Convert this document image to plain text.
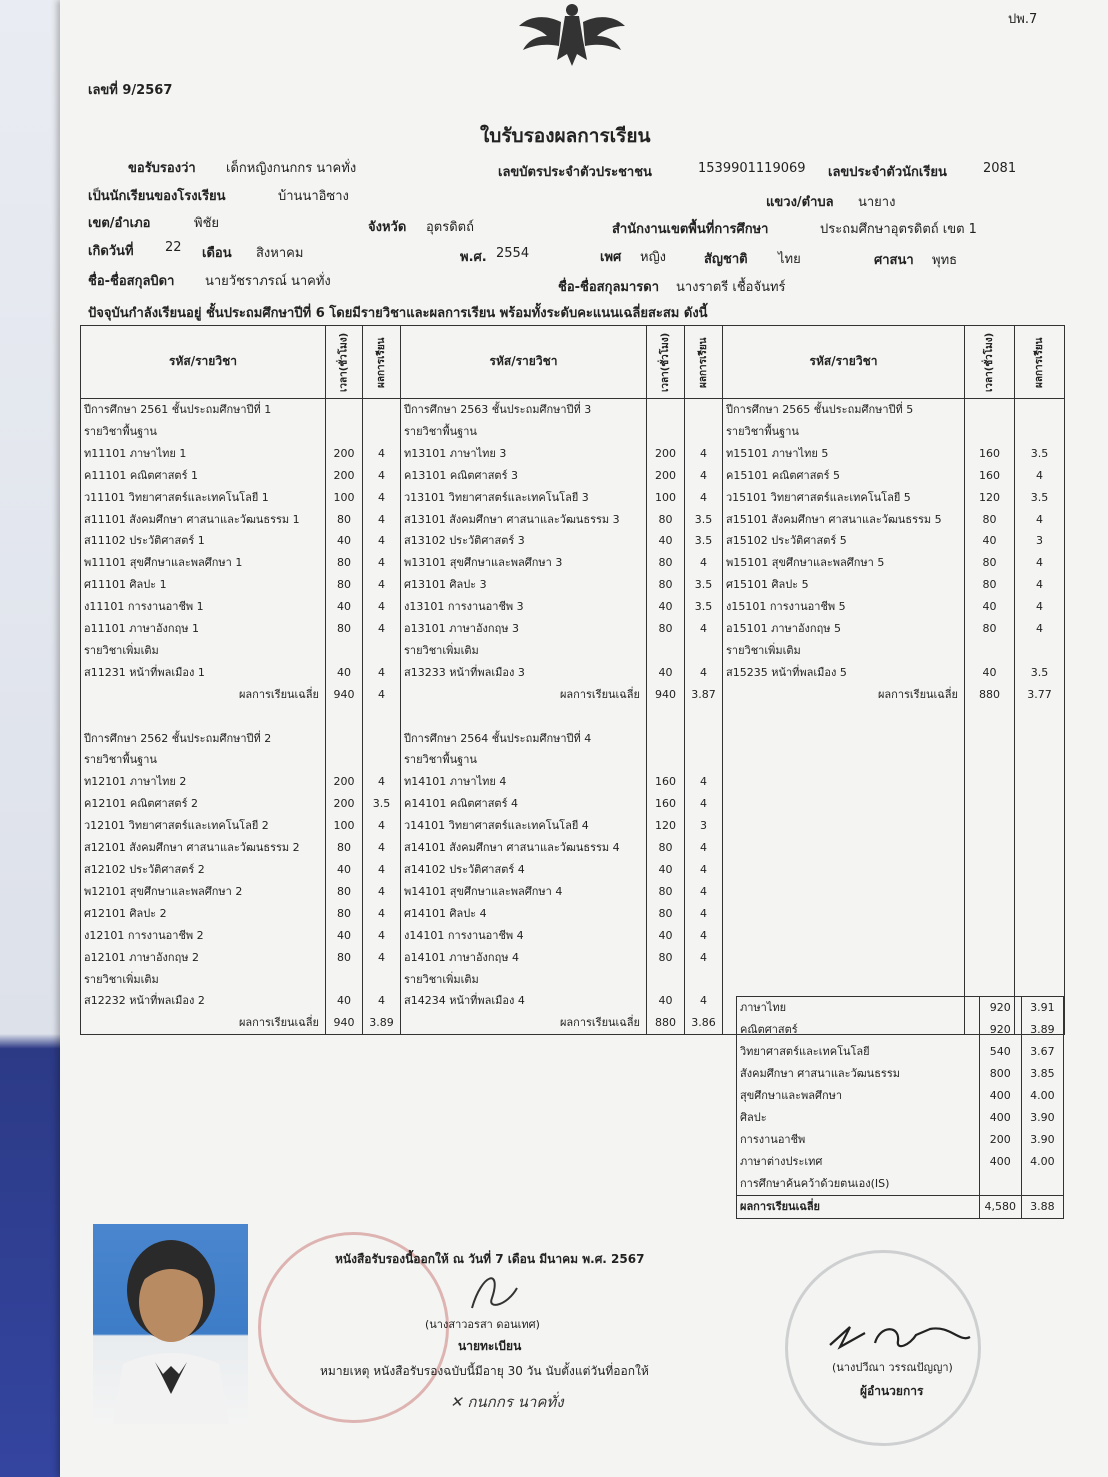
ปพ.7
เลขที่ 9/2567
ใบรับรองผลการเรียน
ขอรับรองว่า เด็กหญิงกนกกร นาคทั่ง	เลขบัตรประจำตัวประชาชน	1539901119069 เลขประจำตัวนักเรียน	2081
เป็นนักเรียนของโรงเรียน	บ้านนาอิซาง	แขวง/ตำบล นายาง
เขต/อำเภอ	พิชัย	จังหวัด อุตรดิตถ์	สำนักงานเขตพื้นที่การศึกษา	ประถมศึกษาอุตรดิตถ์ เขต 1
เกิดวันที่ 22 เดือน สิงหาคม	พ.ศ. 2554	เพศ หญิง	สัญชาติ ไทย	ศาสนา พุทธ
ชื่อ-ชื่อสกุลบิดา นายวัชราภรณ์ นาคทั่ง	ชื่อ-ชื่อสกุลมารดา นางราตรี เชื้อจันทร์
ปัจจุบันกำลังเรียนอยู่ ชั้นประถมศึกษาปีที่ 6 โดยมีรายวิชาและผลการเรียน พร้อมทั้งระดับคะแนนเฉลี่ยสะสม ดังนี้
รหัส/รายวิชา	เวลา(ชั่วโมง)	ผลการเรียน	รหัส/รายวิชา	เวลา(ชั่วโมง)	ผลการเรียน	รหัส/รายวิชา	เวลา(ชั่วโมง)	ผลการเรียน
ปีการศึกษา 2561 ชั้นประถมศึกษาปีที่ 1			ปีการศึกษา 2563 ชั้นประถมศึกษาปีที่ 3			ปีการศึกษา 2565 ชั้นประถมศึกษาปีที่ 5		
รายวิชาพื้นฐาน			รายวิชาพื้นฐาน			รายวิชาพื้นฐาน		
ท11101 ภาษาไทย 1	200	4	ท13101 ภาษาไทย 3	200	4	ท15101 ภาษาไทย 5	160	3.5
ค11101 คณิตศาสตร์ 1	200	4	ค13101 คณิตศาสตร์ 3	200	4	ค15101 คณิตศาสตร์ 5	160	4
ว11101 วิทยาศาสตร์และเทคโนโลยี 1	100	4	ว13101 วิทยาศาสตร์และเทคโนโลยี 3	100	4	ว15101 วิทยาศาสตร์และเทคโนโลยี 5	120	3.5
ส11101 สังคมศึกษา ศาสนาและวัฒนธรรม 1	80	4	ส13101 สังคมศึกษา ศาสนาและวัฒนธรรม 3	80	3.5	ส15101 สังคมศึกษา ศาสนาและวัฒนธรรม 5	80	4
ส11102 ประวัติศาสตร์ 1	40	4	ส13102 ประวัติศาสตร์ 3	40	3.5	ส15102 ประวัติศาสตร์ 5	40	3
พ11101 สุขศึกษาและพลศึกษา 1	80	4	พ13101 สุขศึกษาและพลศึกษา 3	80	4	พ15101 สุขศึกษาและพลศึกษา 5	80	4
ศ11101 ศิลปะ 1	80	4	ศ13101 ศิลปะ 3	80	3.5	ศ15101 ศิลปะ 5	80	4
ง11101 การงานอาชีพ 1	40	4	ง13101 การงานอาชีพ 3	40	3.5	ง15101 การงานอาชีพ 5	40	4
อ11101 ภาษาอังกฤษ 1	80	4	อ13101 ภาษาอังกฤษ 3	80	4	อ15101 ภาษาอังกฤษ 5	80	4
รายวิชาเพิ่มเติม			รายวิชาเพิ่มเติม			รายวิชาเพิ่มเติม		
ส11231 หน้าที่พลเมือง 1	40	4	ส13233 หน้าที่พลเมือง 3	40	4	ส15235 หน้าที่พลเมือง 5	40	3.5
ผลการเรียนเฉลี่ย	940	4	ผลการเรียนเฉลี่ย	940	3.87	ผลการเรียนเฉลี่ย	880	3.77

ปีการศึกษา 2562 ชั้นประถมศึกษาปีที่ 2			ปีการศึกษา 2564 ชั้นประถมศึกษาปีที่ 4					
รายวิชาพื้นฐาน			รายวิชาพื้นฐาน					
ท12101 ภาษาไทย 2	200	4	ท14101 ภาษาไทย 4	160	4			
ค12101 คณิตศาสตร์ 2	200	3.5	ค14101 คณิตศาสตร์ 4	160	4			
ว12101 วิทยาศาสตร์และเทคโนโลยี 2	100	4	ว14101 วิทยาศาสตร์และเทคโนโลยี 4	120	3			
ส12101 สังคมศึกษา ศาสนาและวัฒนธรรม 2	80	4	ส14101 สังคมศึกษา ศาสนาและวัฒนธรรม 4	80	4			
ส12102 ประวัติศาสตร์ 2	40	4	ส14102 ประวัติศาสตร์ 4	40	4			
พ12101 สุขศึกษาและพลศึกษา 2	80	4	พ14101 สุขศึกษาและพลศึกษา 4	80	4			
ศ12101 ศิลปะ 2	80	4	ศ14101 ศิลปะ 4	80	4			
ง12101 การงานอาชีพ 2	40	4	ง14101 การงานอาชีพ 4	40	4			
อ12101 ภาษาอังกฤษ 2	80	4	อ14101 ภาษาอังกฤษ 4	80	4			
รายวิชาเพิ่มเติม			รายวิชาเพิ่มเติม					
ส12232 หน้าที่พลเมือง 2	40	4	ส14234 หน้าที่พลเมือง 4	40	4			
ผลการเรียนเฉลี่ย	940	3.89	ผลการเรียนเฉลี่ย	880	3.86			
ภาษาไทย	920	3.91
คณิตศาสตร์	920	3.89
วิทยาศาสตร์และเทคโนโลยี	540	3.67
สังคมศึกษา ศาสนาและวัฒนธรรม	800	3.85
สุขศึกษาและพลศึกษา	400	4.00
ศิลปะ	400	3.90
การงานอาชีพ	200	3.90
ภาษาต่างประเทศ	400	4.00
การศึกษาค้นคว้าด้วยตนเอง(IS)		
ผลการเรียนเฉลี่ย	4,580	3.88
หนังสือรับรองนี้ออกให้ ณ วันที่ 7 เดือน มีนาคม พ.ศ. 2567
(นางสาวอรสา ดอนเทศ)
นายทะเบียน
หมายเหตุ หนังสือรับรองฉบับนี้มีอายุ 30 วัน นับตั้งแต่วันที่ออกให้
✕ กนกกร นาคทั่ง
(นางปวีณา วรรณปัญญา)
ผู้อำนวยการ
